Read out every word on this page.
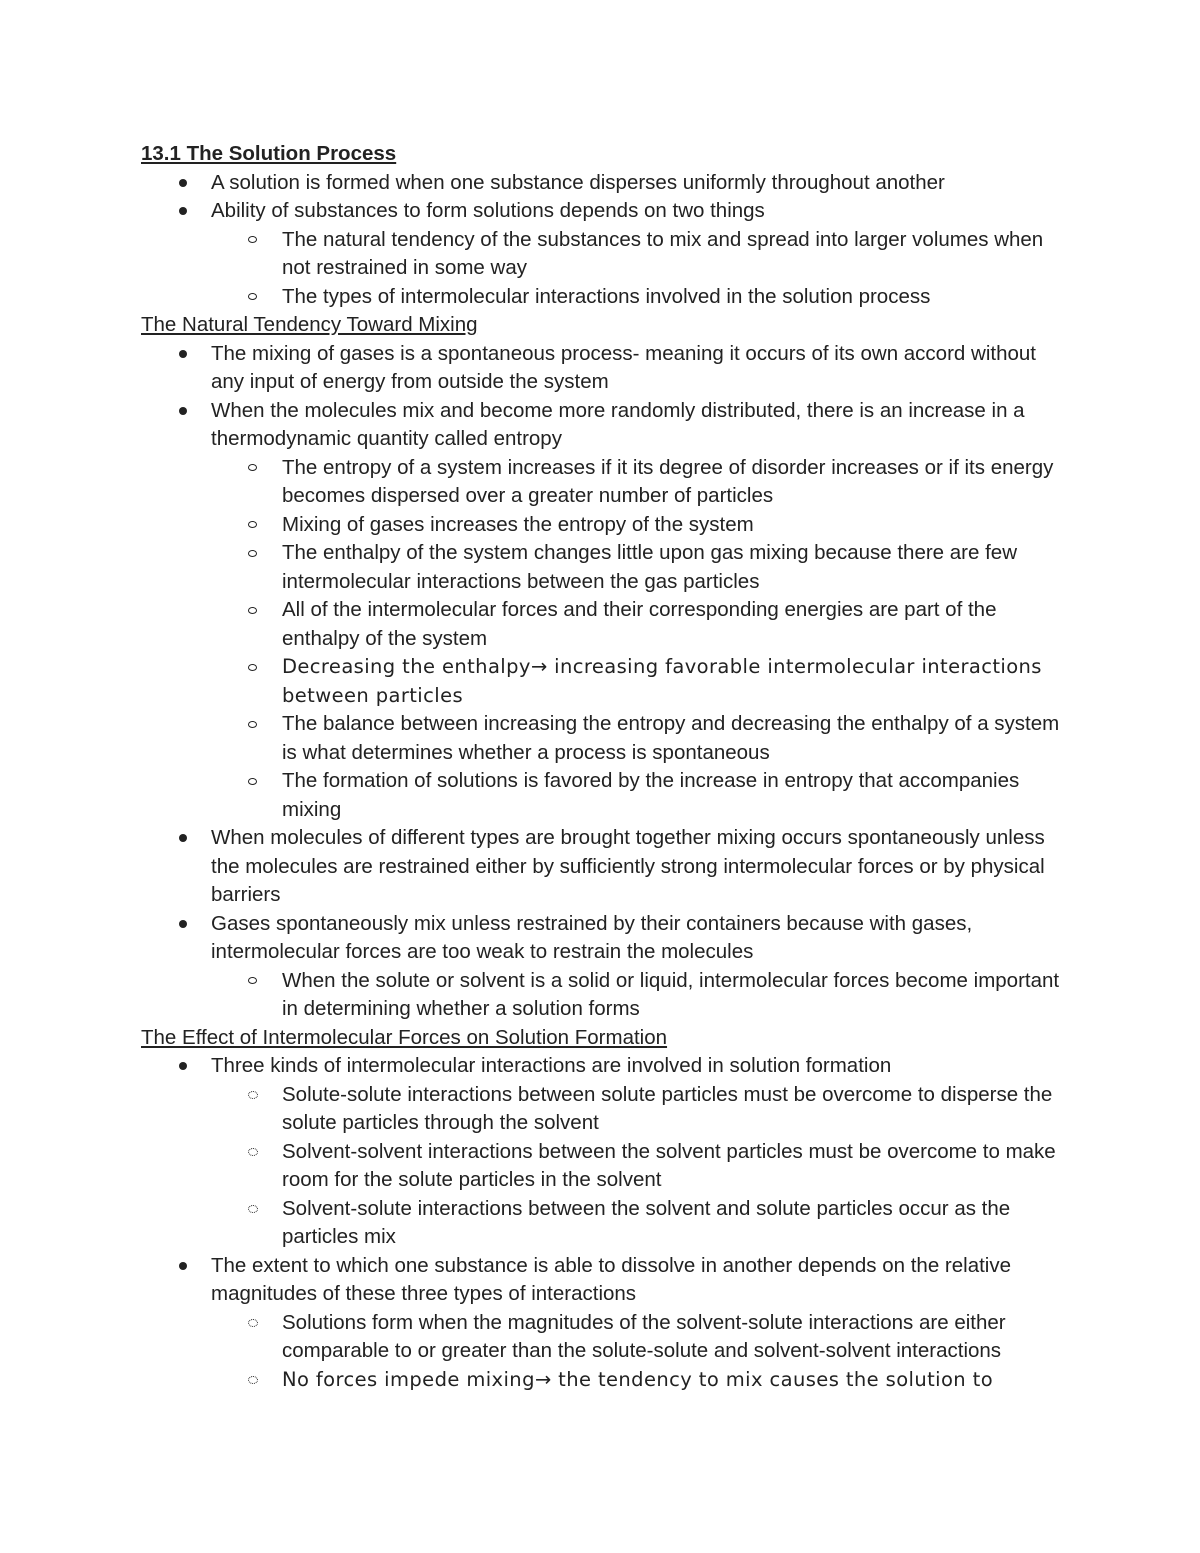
13.1 The Solution Process

A solution is formed when one substance disperses uniformly throughout another
Ability of substances to form solutions depends on two things
The natural tendency of the substances to mix and spread into larger volumes when not restrained in some way
The types of intermolecular interactions involved in the solution process

The Natural Tendency Toward Mixing

The mixing of gases is a spontaneous process- meaning it occurs of its own accord without any input of energy from outside the system
When the molecules mix and become more randomly distributed, there is an increase in a thermodynamic quantity called entropy
The entropy of a system increases if it its degree of disorder increases or if its energy becomes dispersed over a greater number of particles
Mixing of gases increases the entropy of the system
The enthalpy of the system changes little upon gas mixing because there are few intermolecular interactions between the gas particles
All of the intermolecular forces and their corresponding energies are part of the enthalpy of the system
Decreasing the enthalpy→ increasing favorable intermolecular interactions between particles
The balance between increasing the entropy and decreasing the enthalpy of a system is what determines whether a process is spontaneous
The formation of solutions is favored by the increase in entropy that accompanies mixing
When molecules of different types are brought together mixing occurs spontaneously unless the molecules are restrained either by sufficiently strong intermolecular forces or by physical barriers
Gases spontaneously mix unless restrained by their containers because with gases, intermolecular forces are too weak to restrain the molecules
When the solute or solvent is a solid or liquid, intermolecular forces become important in determining whether a solution forms

The Effect of Intermolecular Forces on Solution Formation

Three kinds of intermolecular interactions are involved in solution formation
Solute-solute interactions between solute particles must be overcome to disperse the solute particles through the solvent
Solvent-solvent interactions between the solvent particles must be overcome to make room for the solute particles in the solvent
Solvent-solute interactions between the solvent and solute particles occur as the particles mix
The extent to which one substance is able to dissolve in another depends on the relative magnitudes of these three types of interactions
Solutions form when the magnitudes of the solvent-solute interactions are either comparable to or greater than the solute-solute and solvent-solvent interactions
No forces impede mixing→ the tendency to mix causes the solution to
